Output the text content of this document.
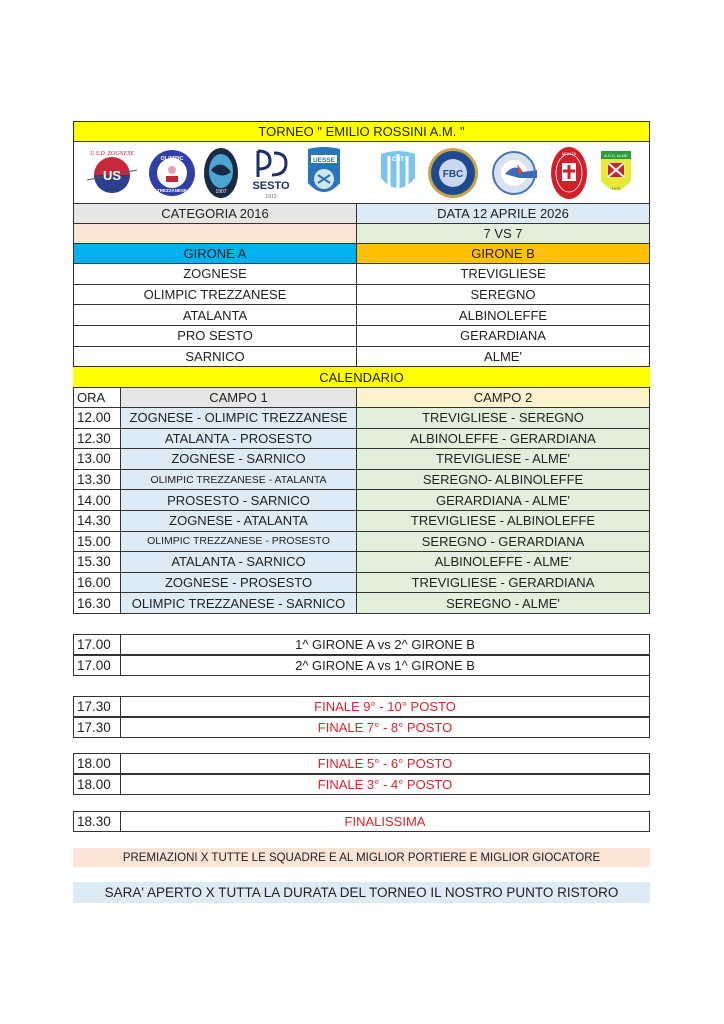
TORNEO " EMILIO ROSSINI A.M. "
US
U.S.D. ZOGNESE
OLIMPIC
TREZZANESE	1907 SESTO
·1913·
UESSE	CST
FBC
MONZA	A.D.C. ALME
1970
CATEGORIA 2016	DATA 12 APRILE 2026
7 VS 7
GIRONE A	GIRONE B
ZOGNESE	TREVIGLIESE
OLIMPIC TREZZANESE	SEREGNO
ATALANTA	ALBINOLEFFE
PRO SESTO	GERARDIANA
SARNICO	ALME'
CALENDARIO
ORA	CAMPO 1	CAMPO 2
12.00	ZOGNESE - OLIMPIC TREZZANESE	TREVIGLIESE - SEREGNO
12.30	ATALANTA - PROSESTO	ALBINOLEFFE - GERARDIANA
13.00	ZOGNESE - SARNICO	TREVIGLIESE - ALME'
13.30	OLIMPIC TREZZANESE - ATALANTA	SEREGNO- ALBINOLEFFE
14.00	PROSESTO - SARNICO	GERARDIANA - ALME'
14.30	ZOGNESE - ATALANTA	TREVIGLIESE - ALBINOLEFFE
15.00	OLIMPIC TREZZANESE - PROSESTO	SEREGNO - GERARDIANA
15.30	ATALANTA - SARNICO	ALBINOLEFFE - ALME'
16.00	ZOGNESE - PROSESTO	TREVIGLIESE - GERARDIANA
16.30	OLIMPIC TREZZANESE - SARNICO	SEREGNO - ALME'
17.00	1^ GIRONE A vs 2^ GIRONE B
17.00	2^ GIRONE A vs 1^ GIRONE B
17.30	FINALE 9° - 10° POSTO
17.30	FINALE 7° - 8° POSTO
18.00	FINALE 5° - 6° POSTO
18.00	FINALE 3° - 4° POSTO
18.30	FINALISSIMA
PREMIAZIONI X TUTTE LE SQUADRE E AL MIGLIOR PORTIERE E MIGLIOR GIOCATORE
SARA' APERTO X TUTTA LA DURATA DEL TORNEO IL NOSTRO PUNTO RISTORO
